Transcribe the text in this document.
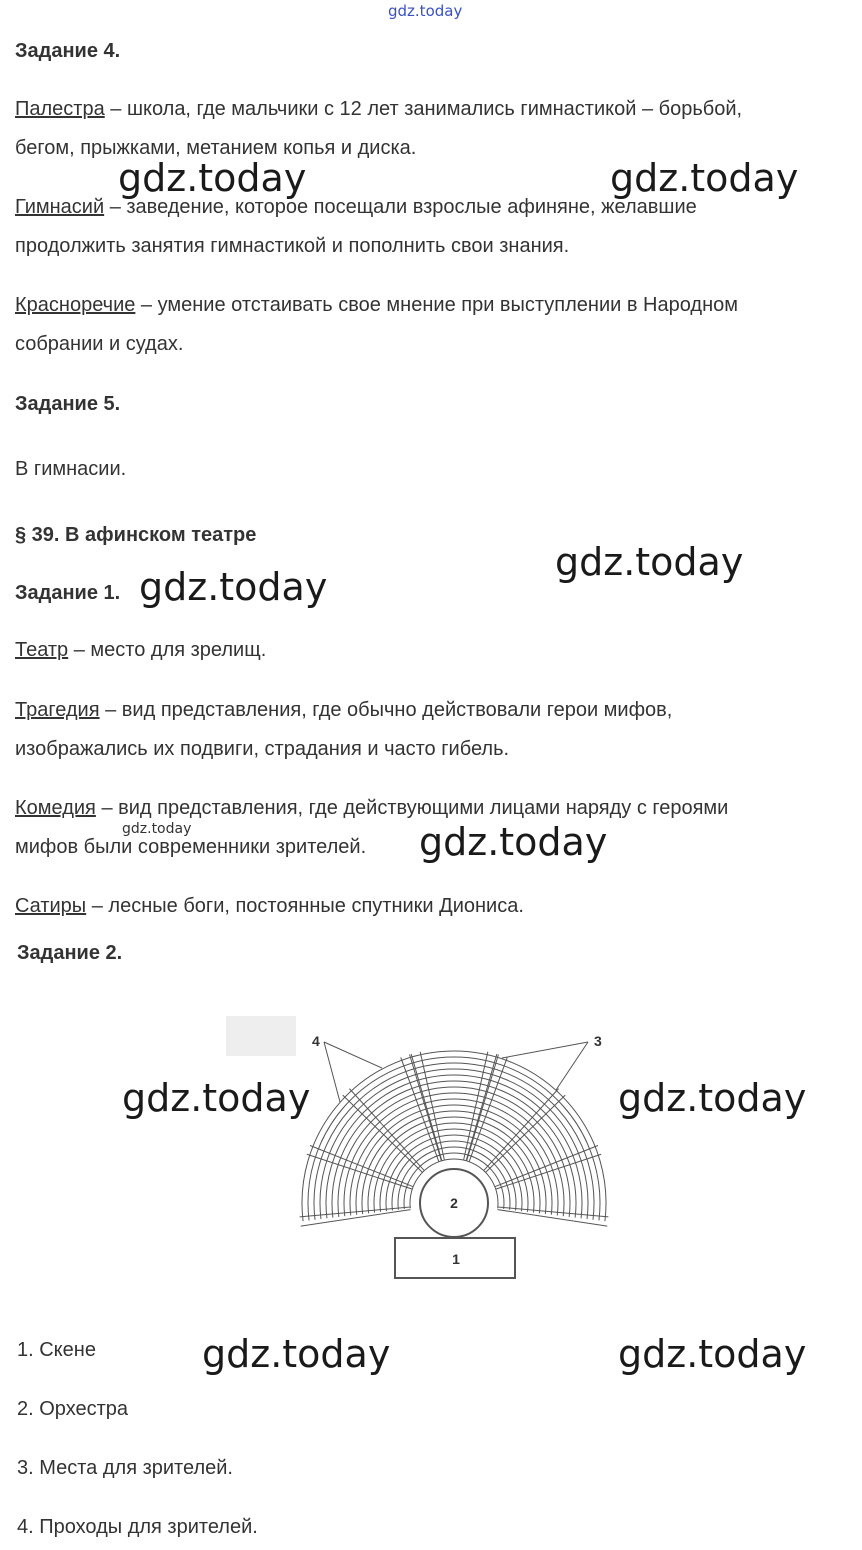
gdz.today
Задание 4.
Палестра – школа, где мальчики с 12 лет занимались гимнастикой – борьбой,
бегом, прыжками, метанием копья и диска.
Гимнасий – заведение, которое посещали взрослые афиняне, желавшие
продолжить занятия гимнастикой и пополнить свои знания.
Красноречие – умение отстаивать свое мнение при выступлении в Народном
собрании и судах.
gdz.today	gdz.today
Задание 5.
В гимнасии.
§ 39. В афинском театре
gdz.today
Задание 1. gdz.today
Театр – место для зрелищ.
Трагедия – вид представления, где обычно действовали герои мифов,
изображались их подвиги, страдания и часто гибель.
Комедия – вид представления, где действующими лицами наряду с героями
мифов были современники зрителей.
gdz.today	gdz.today
Сатиры – лесные боги, постоянные спутники Диониса.
Задание 2.
2
1
3
4
gdz.today	gdz.today
1. Скене
2. Орхестра
3. Места для зрителей.
4. Проходы для зрителей.
gdz.today	gdz.today
